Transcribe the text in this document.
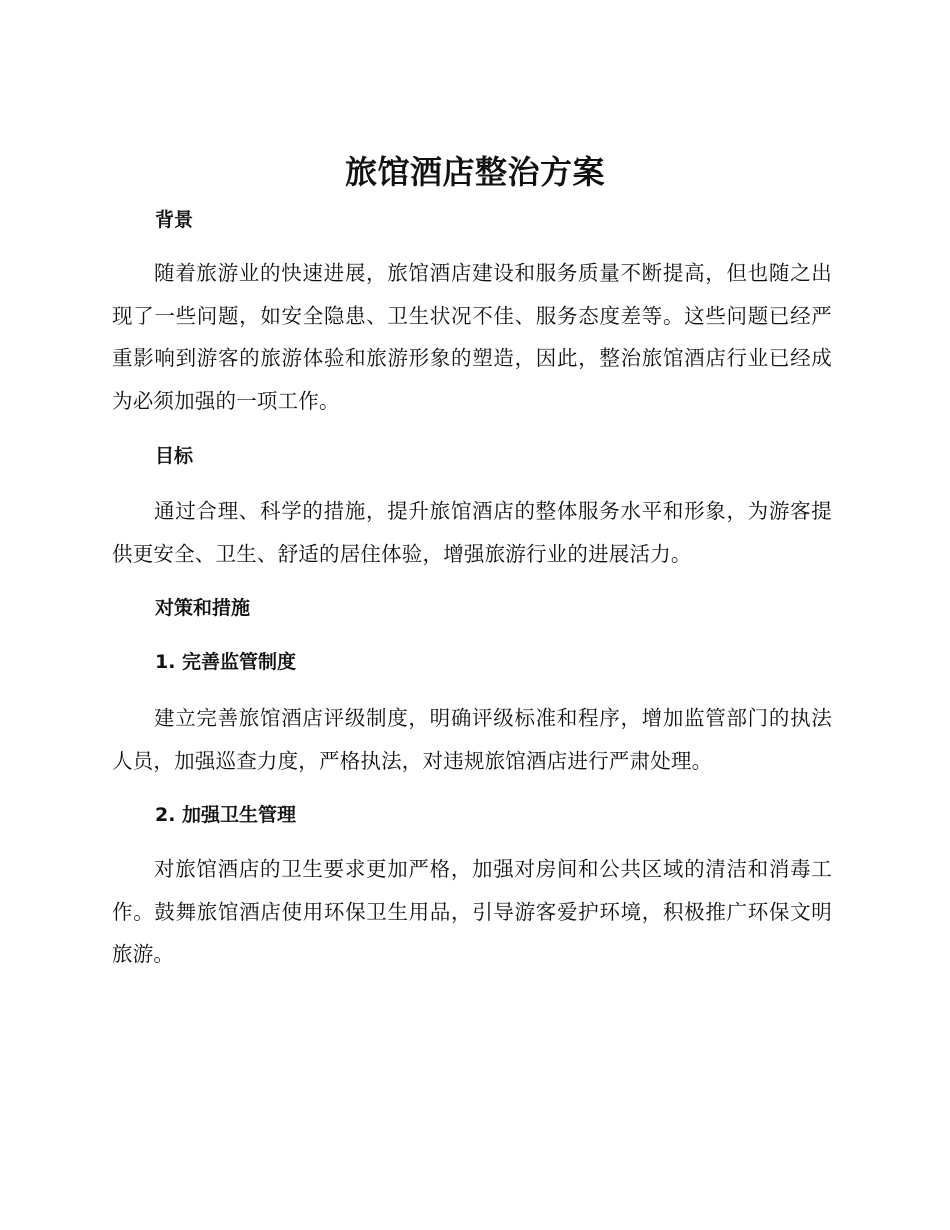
旅馆酒店整治方案
背景

随着旅游业的快速进展，旅馆酒店建设和服务质量不断提高，但也随之出现了一些问题，如安全隐患、卫生状况不佳、服务态度差等。这些问题已经严重影响到游客的旅游体验和旅游形象的塑造，因此，整治旅馆酒店行业已经成为必须加强的一项工作。

目标

通过合理、科学的措施，提升旅馆酒店的整体服务水平和形象，为游客提供更安全、卫生、舒适的居住体验，增强旅游行业的进展活力。

对策和措施
1. 完善监管制度

建立完善旅馆酒店评级制度，明确评级标准和程序，增加监管部门的执法人员，加强巡查力度，严格执法，对违规旅馆酒店进行严肃处理。

2. 加强卫生管理

对旅馆酒店的卫生要求更加严格，加强对房间和公共区域的清洁和消毒工作。鼓舞旅馆酒店使用环保卫生用品，引导游客爱护环境，积极推广环保文明旅游。
